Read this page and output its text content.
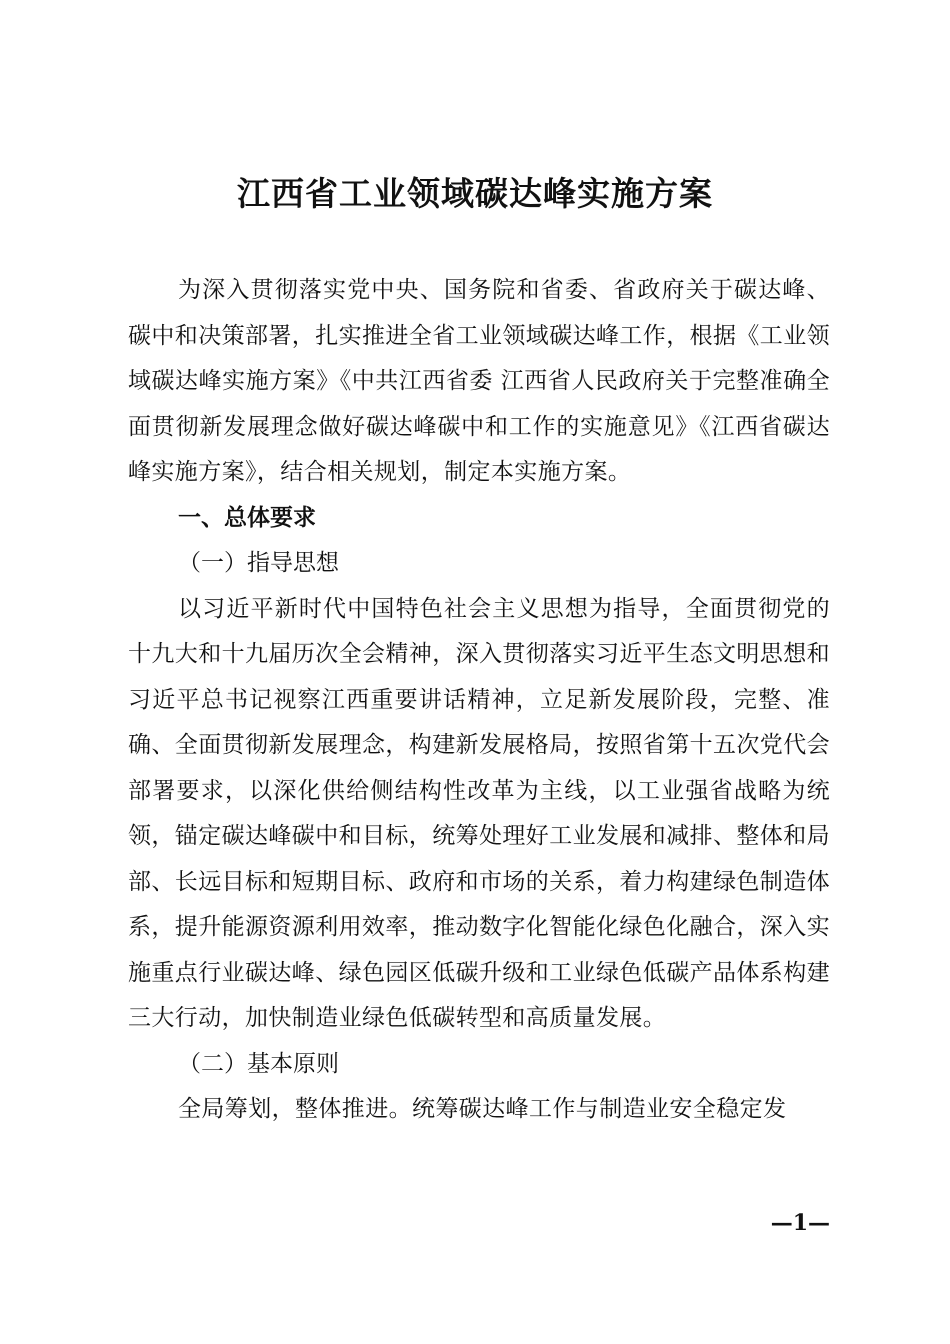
江西省工业领域碳达峰实施方案

为深入贯彻落实党中央、国务院和省委、省政府关于碳达峰、碳中和决策部署，扎实推进全省工业领域碳达峰工作，根据《工业领域碳达峰实施方案》《中共江西省委 江西省人民政府关于完整准确全面贯彻新发展理念做好碳达峰碳中和工作的实施意见》《江西省碳达峰实施方案》，结合相关规划，制定本实施方案。

一、总体要求

（一）指导思想

以习近平新时代中国特色社会主义思想为指导，全面贯彻党的十九大和十九届历次全会精神，深入贯彻落实习近平生态文明思想和习近平总书记视察江西重要讲话精神，立足新发展阶段，完整、准确、全面贯彻新发展理念，构建新发展格局，按照省第十五次党代会部署要求，以深化供给侧结构性改革为主线，以工业强省战略为统领，锚定碳达峰碳中和目标，统筹处理好工业发展和减排、整体和局部、长远目标和短期目标、政府和市场的关系，着力构建绿色制造体系，提升能源资源利用效率，推动数字化智能化绿色化融合，深入实施重点行业碳达峰、绿色园区低碳升级和工业绿色低碳产品体系构建三大行动，加快制造业绿色低碳转型和高质量发展。

（二）基本原则

全局筹划，整体推进。统筹碳达峰工作与制造业安全稳定发

—1—
